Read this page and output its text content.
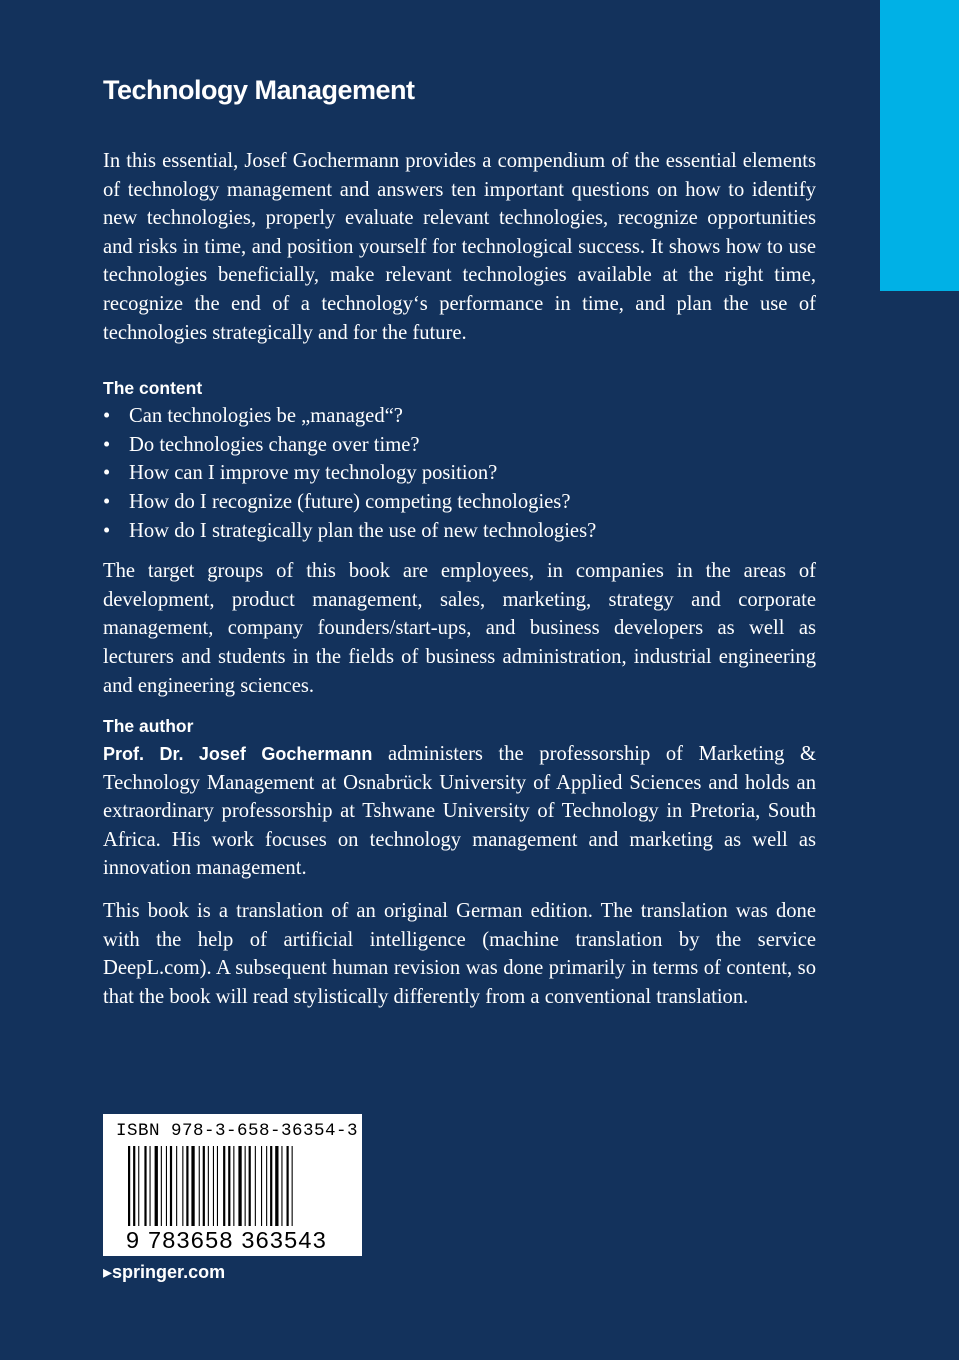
Technology Management

In this essential, Josef Gochermann provides a compendium of the essential elements of technology management and answers ten important questions on how to identify new technologies, properly evaluate relevant technologies, recognize opportunities and risks in time, and position yourself for technological success. It shows how to use technologies beneficially, make relevant technologies available at the right time, recognize the end of a technology‘s performance in time, and plan the use of technologies strategically and for the future.

The content
• Can technologies be „managed“?
• Do technologies change over time?
• How can I improve my technology position?
• How do I recognize (future) competing technologies?
• How do I strategically plan the use of new technologies?

The target groups of this book are employees, in companies in the areas of development, product management, sales, marketing, strategy and corporate management, company founders/start-ups, and business developers as well as lecturers and students in the fields of business administration, industrial engineering and engineering sciences.

The author

Prof. Dr. Josef Gochermann administers the professorship of Marketing & Technology Management at Osnabrück University of Applied Sciences and holds an extraordinary professorship at Tshwane University of Technology in Pretoria, South Africa. His work focuses on technology management and marketing as well as innovation management.

This book is a translation of an original German edition. The translation was done with the help of artificial intelligence (machine translation by the service DeepL.com). A subsequent human revision was done primarily in terms of content, so that the book will read stylistically differently from a conventional translation.

ISBN 978-3-658-36354-3
9 783658 363543
▸springer.com
